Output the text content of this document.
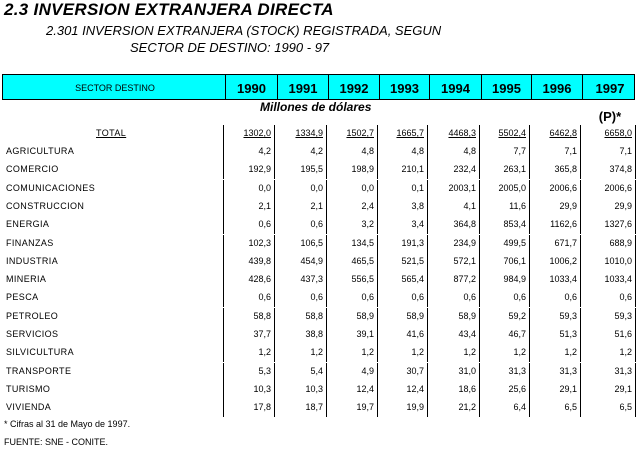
2.3 INVERSION EXTRANJERA DIRECTA
2.301 INVERSION EXTRANJERA (STOCK) REGISTRADA, SEGUN
SECTOR DE DESTINO: 1990 - 97
SECTOR DESTINO	1990	1991	1992	1993	1994	1995	1996	1997 (P)*
Millones de dólares
TOTAL	1302,0	1334,9	1502,7	1665,7	4468,3	5502,4	6462,8	6658,0
AGRICULTURA	4,2	4,2	4,8	4,8	4,8	7,7	7,1	7,1
COMERCIO	192,9	195,5	198,9	210,1	232,4	263,1	365,8	374,8
COMUNICACIONES	0,0	0,0	0,0	0,1	2003,1	2005,0	2006,6	2006,6
CONSTRUCCION	2,1	2,1	2,4	3,8	4,1	11,6	29,9	29,9
ENERGIA	0,6	0,6	3,2	3,4	364,8	853,4	1162,6	1327,6
FINANZAS	102,3	106,5	134,5	191,3	234,9	499,5	671,7	688,9
INDUSTRIA	439,8	454,9	465,5	521,5	572,1	706,1	1006,2	1010,0
MINERIA	428,6	437,3	556,5	565,4	877,2	984,9	1033,4	1033,4
PESCA	0,6	0,6	0,6	0,6	0,6	0,6	0,6	0,6
PETROLEO	58,8	58,8	58,9	58,9	58,9	59,2	59,3	59,3
SERVICIOS	37,7	38,8	39,1	41,6	43,4	46,7	51,3	51,6
SILVICULTURA	1,2	1,2	1,2	1,2	1,2	1,2	1,2	1,2
TRANSPORTE	5,3	5,4	4,9	30,7	31,0	31,3	31,3	31,3
TURISMO	10,3	10,3	12,4	12,4	18,6	25,6	29,1	29,1
VIVIENDA	17,8	18,7	19,7	19,9	21,2	6,4	6,5	6,5
* Cifras al 31 de Mayo de 1997.
FUENTE: SNE - CONITE.
